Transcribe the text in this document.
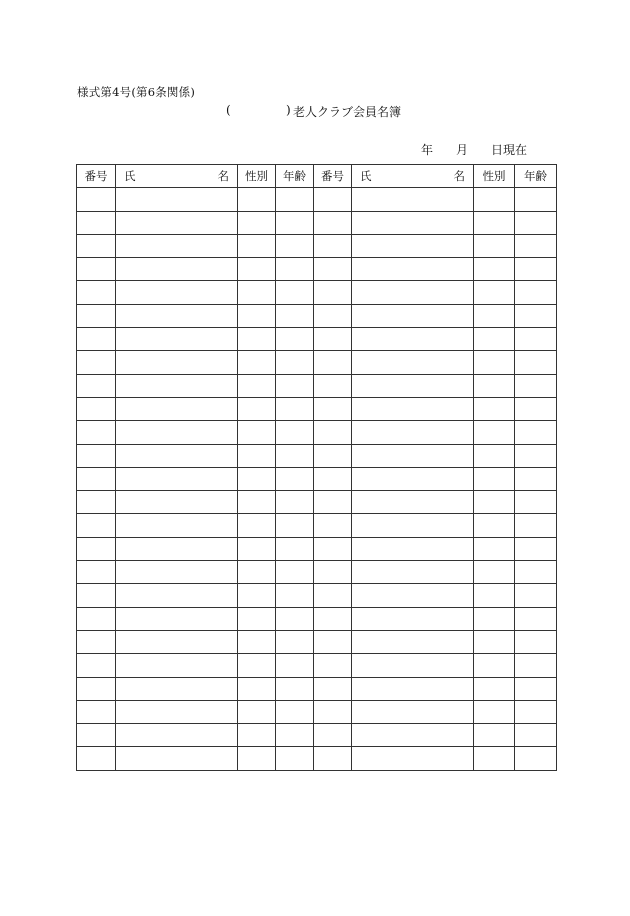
様式第4号(第6条関係)
(	) 老人クラブ会員名簿
年 月 日現在
番号	氏 名	性別	年齢	番号	氏 名	性別	年齢
